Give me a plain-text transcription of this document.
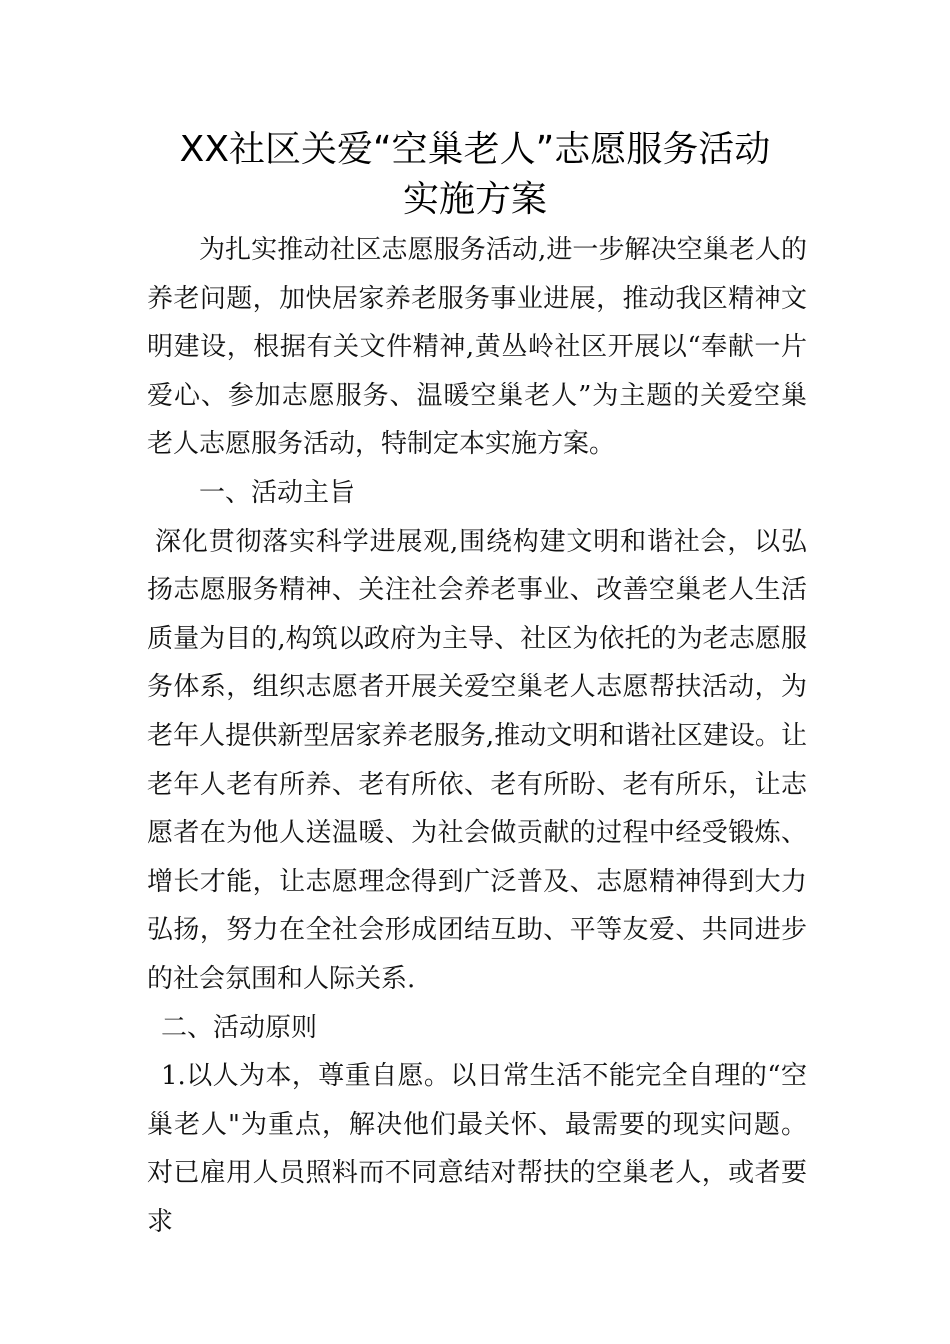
XX社区关爱“空巢老人”志愿服务活动
实施方案

为扎实推动社区志愿服务活动,进一步解决空巢老人的养老问题，加快居家养老服务事业进展，推动我区精神文明建设，根据有关文件精神,黄丛岭社区开展以“奉献一片爱心、参加志愿服务、温暖空巢老人”为主题的关爱空巢老人志愿服务活动，特制定本实施方案。

一、活动主旨

深化贯彻落实科学进展观,围绕构建文明和谐社会，以弘扬志愿服务精神、关注社会养老事业、改善空巢老人生活质量为目的,构筑以政府为主导、社区为依托的为老志愿服务体系，组织志愿者开展关爱空巢老人志愿帮扶活动，为老年人提供新型居家养老服务,推动文明和谐社区建设。让老年人老有所养、老有所依、老有所盼、老有所乐，让志愿者在为他人送温暖、为社会做贡献的过程中经受锻炼、增长才能，让志愿理念得到广泛普及、志愿精神得到大力弘扬，努力在全社会形成团结互助、平等友爱、共同进步的社会氛围和人际关系.

二、活动原则

1.以人为本，尊重自愿。以日常生活不能完全自理的“空巢老人"为重点，解决他们最关怀、最需要的现实问题。对已雇用人员照料而不同意结对帮扶的空巢老人，或者要求
